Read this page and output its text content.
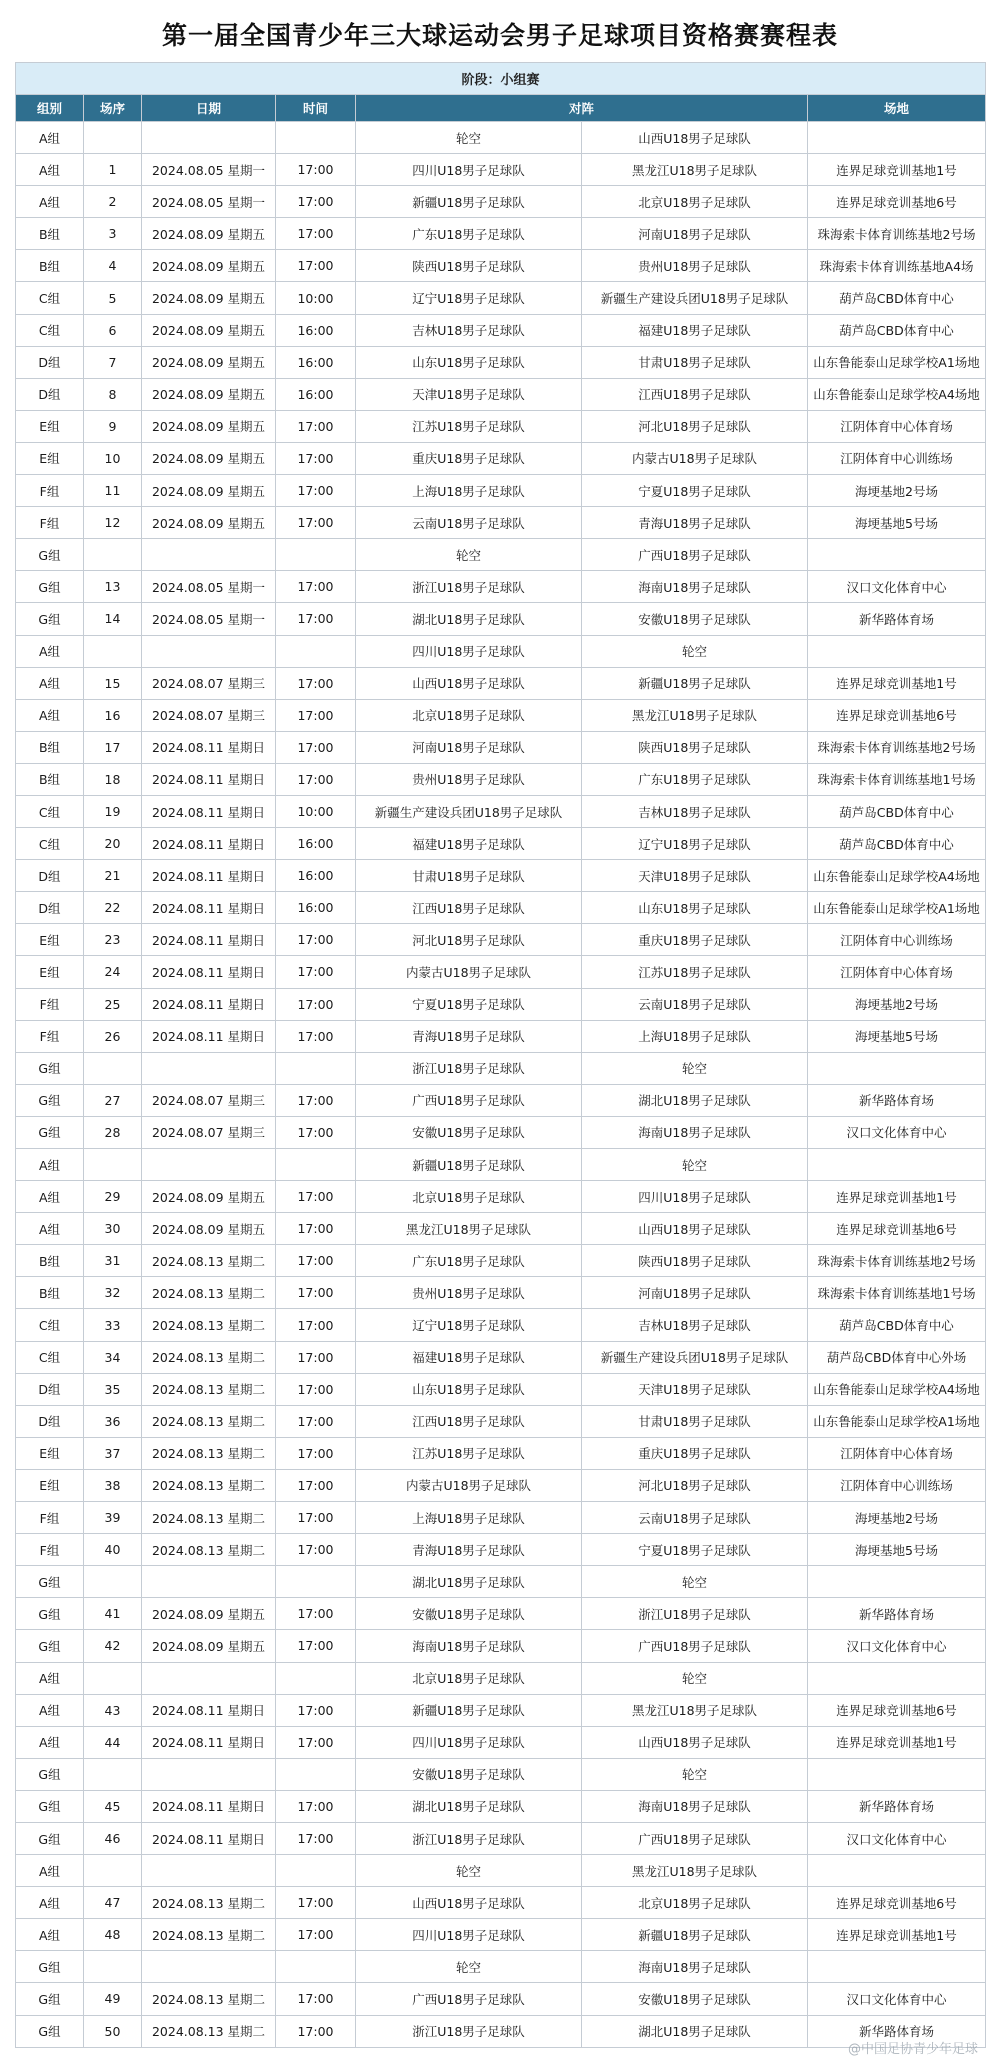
第一届全国青少年三大球运动会男子足球项目资格赛赛程表
阶段：小组赛						
组别	场序	日期	时间	对阵		场地
A组				轮空	山西U18男子足球队	
A组	1	2024.08.05 星期一	17:00	四川U18男子足球队	黑龙江U18男子足球队	连界足球竞训基地1号
A组	2	2024.08.05 星期一	17:00	新疆U18男子足球队	北京U18男子足球队	连界足球竞训基地6号
B组	3	2024.08.09 星期五	17:00	广东U18男子足球队	河南U18男子足球队	珠海索卡体育训练基地2号场
B组	4	2024.08.09 星期五	17:00	陕西U18男子足球队	贵州U18男子足球队	珠海索卡体育训练基地A4场
C组	5	2024.08.09 星期五	10:00	辽宁U18男子足球队	新疆生产建设兵团U18男子足球队	葫芦岛CBD体育中心
C组	6	2024.08.09 星期五	16:00	吉林U18男子足球队	福建U18男子足球队	葫芦岛CBD体育中心
D组	7	2024.08.09 星期五	16:00	山东U18男子足球队	甘肃U18男子足球队	山东鲁能泰山足球学校A1场地
D组	8	2024.08.09 星期五	16:00	天津U18男子足球队	江西U18男子足球队	山东鲁能泰山足球学校A4场地
E组	9	2024.08.09 星期五	17:00	江苏U18男子足球队	河北U18男子足球队	江阴体育中心体育场
E组	10	2024.08.09 星期五	17:00	重庆U18男子足球队	内蒙古U18男子足球队	江阴体育中心训练场
F组	11	2024.08.09 星期五	17:00	上海U18男子足球队	宁夏U18男子足球队	海埂基地2号场
F组	12	2024.08.09 星期五	17:00	云南U18男子足球队	青海U18男子足球队	海埂基地5号场
G组				轮空	广西U18男子足球队	
G组	13	2024.08.05 星期一	17:00	浙江U18男子足球队	海南U18男子足球队	汉口文化体育中心
G组	14	2024.08.05 星期一	17:00	湖北U18男子足球队	安徽U18男子足球队	新华路体育场
A组				四川U18男子足球队	轮空	
A组	15	2024.08.07 星期三	17:00	山西U18男子足球队	新疆U18男子足球队	连界足球竞训基地1号
A组	16	2024.08.07 星期三	17:00	北京U18男子足球队	黑龙江U18男子足球队	连界足球竞训基地6号
B组	17	2024.08.11 星期日	17:00	河南U18男子足球队	陕西U18男子足球队	珠海索卡体育训练基地2号场
B组	18	2024.08.11 星期日	17:00	贵州U18男子足球队	广东U18男子足球队	珠海索卡体育训练基地1号场
C组	19	2024.08.11 星期日	10:00	新疆生产建设兵团U18男子足球队	吉林U18男子足球队	葫芦岛CBD体育中心
C组	20	2024.08.11 星期日	16:00	福建U18男子足球队	辽宁U18男子足球队	葫芦岛CBD体育中心
D组	21	2024.08.11 星期日	16:00	甘肃U18男子足球队	天津U18男子足球队	山东鲁能泰山足球学校A4场地
D组	22	2024.08.11 星期日	16:00	江西U18男子足球队	山东U18男子足球队	山东鲁能泰山足球学校A1场地
E组	23	2024.08.11 星期日	17:00	河北U18男子足球队	重庆U18男子足球队	江阴体育中心训练场
E组	24	2024.08.11 星期日	17:00	内蒙古U18男子足球队	江苏U18男子足球队	江阴体育中心体育场
F组	25	2024.08.11 星期日	17:00	宁夏U18男子足球队	云南U18男子足球队	海埂基地2号场
F组	26	2024.08.11 星期日	17:00	青海U18男子足球队	上海U18男子足球队	海埂基地5号场
G组				浙江U18男子足球队	轮空	
G组	27	2024.08.07 星期三	17:00	广西U18男子足球队	湖北U18男子足球队	新华路体育场
G组	28	2024.08.07 星期三	17:00	安徽U18男子足球队	海南U18男子足球队	汉口文化体育中心
A组				新疆U18男子足球队	轮空	
A组	29	2024.08.09 星期五	17:00	北京U18男子足球队	四川U18男子足球队	连界足球竞训基地1号
A组	30	2024.08.09 星期五	17:00	黑龙江U18男子足球队	山西U18男子足球队	连界足球竞训基地6号
B组	31	2024.08.13 星期二	17:00	广东U18男子足球队	陕西U18男子足球队	珠海索卡体育训练基地2号场
B组	32	2024.08.13 星期二	17:00	贵州U18男子足球队	河南U18男子足球队	珠海索卡体育训练基地1号场
C组	33	2024.08.13 星期二	17:00	辽宁U18男子足球队	吉林U18男子足球队	葫芦岛CBD体育中心
C组	34	2024.08.13 星期二	17:00	福建U18男子足球队	新疆生产建设兵团U18男子足球队	葫芦岛CBD体育中心外场
D组	35	2024.08.13 星期二	17:00	山东U18男子足球队	天津U18男子足球队	山东鲁能泰山足球学校A4场地
D组	36	2024.08.13 星期二	17:00	江西U18男子足球队	甘肃U18男子足球队	山东鲁能泰山足球学校A1场地
E组	37	2024.08.13 星期二	17:00	江苏U18男子足球队	重庆U18男子足球队	江阴体育中心体育场
E组	38	2024.08.13 星期二	17:00	内蒙古U18男子足球队	河北U18男子足球队	江阴体育中心训练场
F组	39	2024.08.13 星期二	17:00	上海U18男子足球队	云南U18男子足球队	海埂基地2号场
F组	40	2024.08.13 星期二	17:00	青海U18男子足球队	宁夏U18男子足球队	海埂基地5号场
G组				湖北U18男子足球队	轮空	
G组	41	2024.08.09 星期五	17:00	安徽U18男子足球队	浙江U18男子足球队	新华路体育场
G组	42	2024.08.09 星期五	17:00	海南U18男子足球队	广西U18男子足球队	汉口文化体育中心
A组				北京U18男子足球队	轮空	
A组	43	2024.08.11 星期日	17:00	新疆U18男子足球队	黑龙江U18男子足球队	连界足球竞训基地6号
A组	44	2024.08.11 星期日	17:00	四川U18男子足球队	山西U18男子足球队	连界足球竞训基地1号
G组				安徽U18男子足球队	轮空	
G组	45	2024.08.11 星期日	17:00	湖北U18男子足球队	海南U18男子足球队	新华路体育场
G组	46	2024.08.11 星期日	17:00	浙江U18男子足球队	广西U18男子足球队	汉口文化体育中心
A组				轮空	黑龙江U18男子足球队	
A组	47	2024.08.13 星期二	17:00	山西U18男子足球队	北京U18男子足球队	连界足球竞训基地6号
A组	48	2024.08.13 星期二	17:00	四川U18男子足球队	新疆U18男子足球队	连界足球竞训基地1号
G组				轮空	海南U18男子足球队	
G组	49	2024.08.13 星期二	17:00	广西U18男子足球队	安徽U18男子足球队	汉口文化体育中心
G组	50	2024.08.13 星期二	17:00	浙江U18男子足球队	湖北U18男子足球队	新华路体育场
@中国足协青少年足球
